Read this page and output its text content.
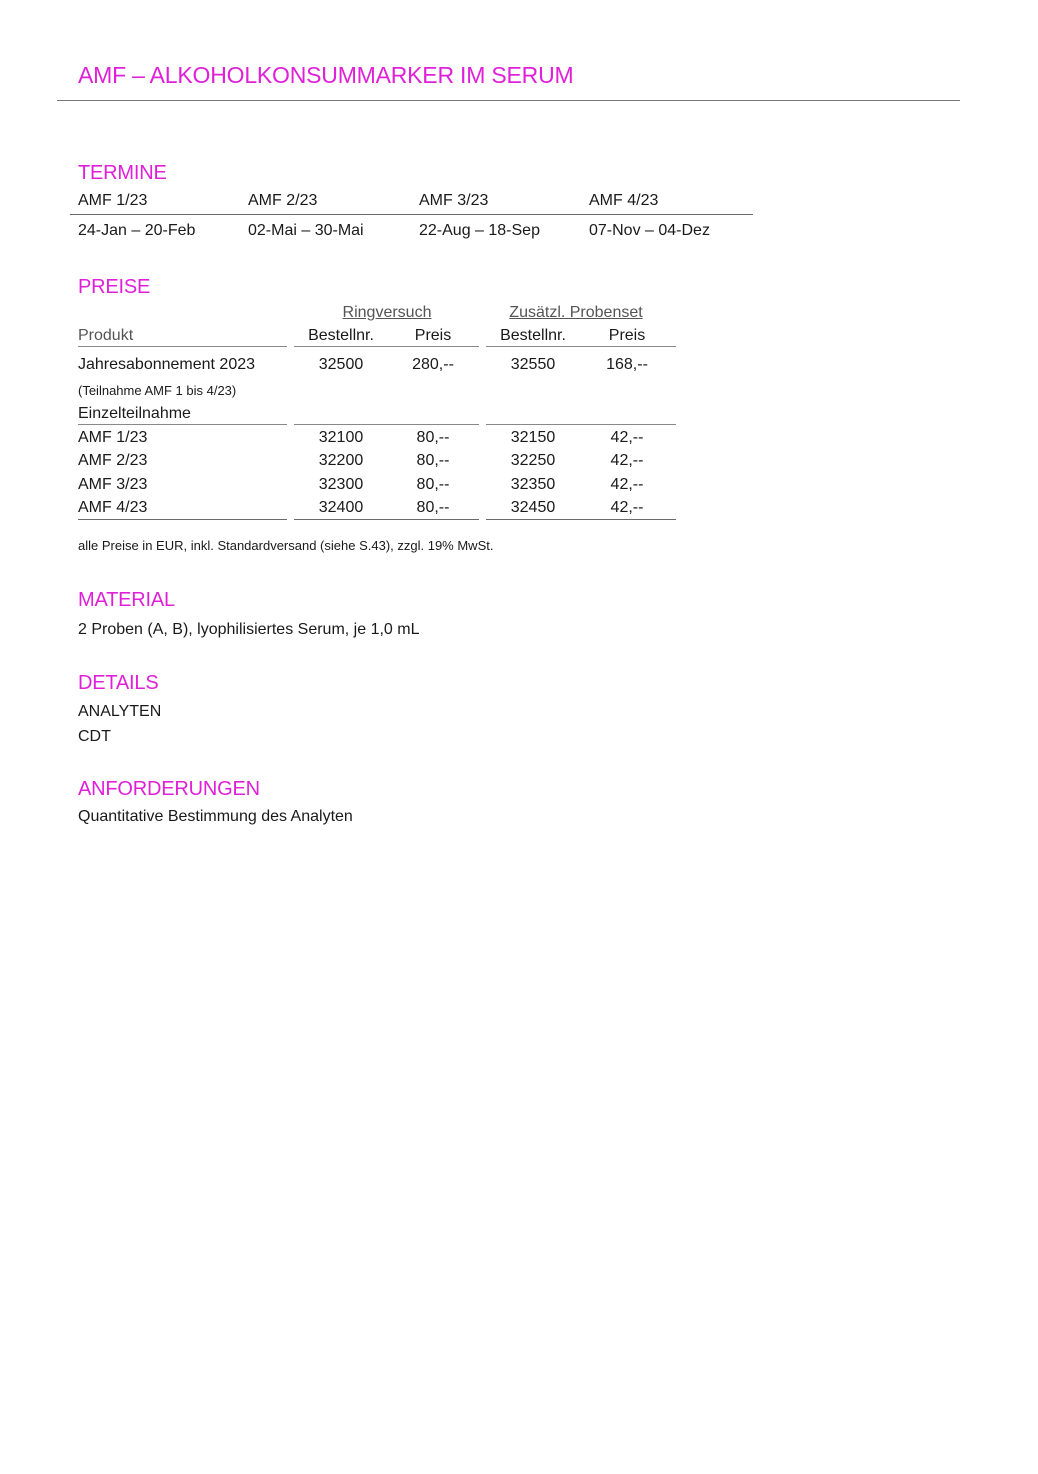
AMF – ALKOHOLKONSUMMARKER IM SERUM
TERMINE
AMF 1/23	AMF 2/23	AMF 3/23	AMF 4/23
24-Jan – 20-Feb	02-Mai – 30-Mai	22-Aug – 18-Sep	07-Nov – 04-Dez
PREISE
Ringversuch	Zusätzl. Probenset
Produkt	Bestellnr.	Preis	Bestellnr.	Preis
Jahresabonnement 2023	32500	280,--	32550	168,--
(Teilnahme AMF 1 bis 4/23)
Einzelteilnahme
AMF 1/23	32100	80,--	32150	42,--
AMF 2/23	32200	80,--	32250	42,--
AMF 3/23	32300	80,--	32350	42,--
AMF 4/23	32400	80,--	32450	42,--
alle Preise in EUR, inkl. Standardversand (siehe S.43), zzgl. 19% MwSt.
MATERIAL
2 Proben (A, B), lyophilisiertes Serum, je 1,0 mL
DETAILS
ANALYTEN
CDT
ANFORDERUNGEN
Quantitative Bestimmung des Analyten
